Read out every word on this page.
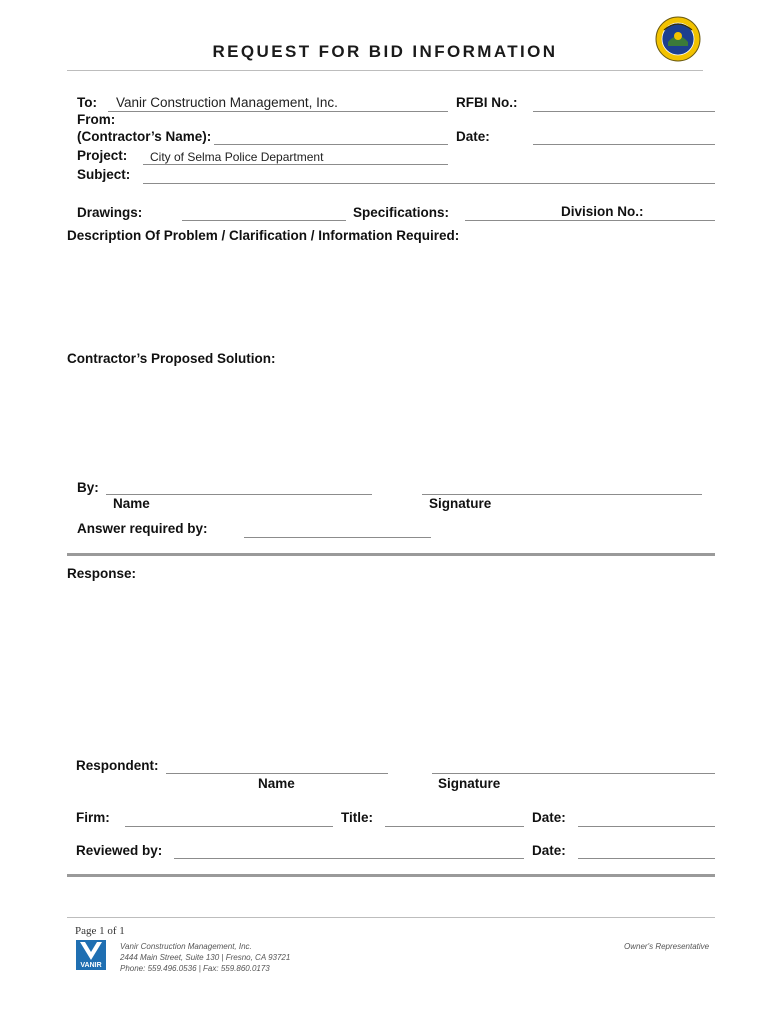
REQUEST FOR BID INFORMATION
To: Vanir Construction Management, Inc.
From:
(Contractor’s Name):
Project: City of Selma Police Department
Subject:
RFBI No.:
Date:
Drawings:	Specifications:	Division No.:
Description Of Problem / Clarification / Information Required:
Contractor’s Proposed Solution:
By:
Name	Signature
Answer required by:
Response:
Respondent:
Name	Signature
Firm:	Title:	Date:
Reviewed by:	Date:
Page 1 of 1
VANIR
Vanir Construction Management, Inc.
2444 Main Street, Suite 130 | Fresno, CA 93721
Phone: 559.496.0536 | Fax: 559.860.0173
Owner's Representative
